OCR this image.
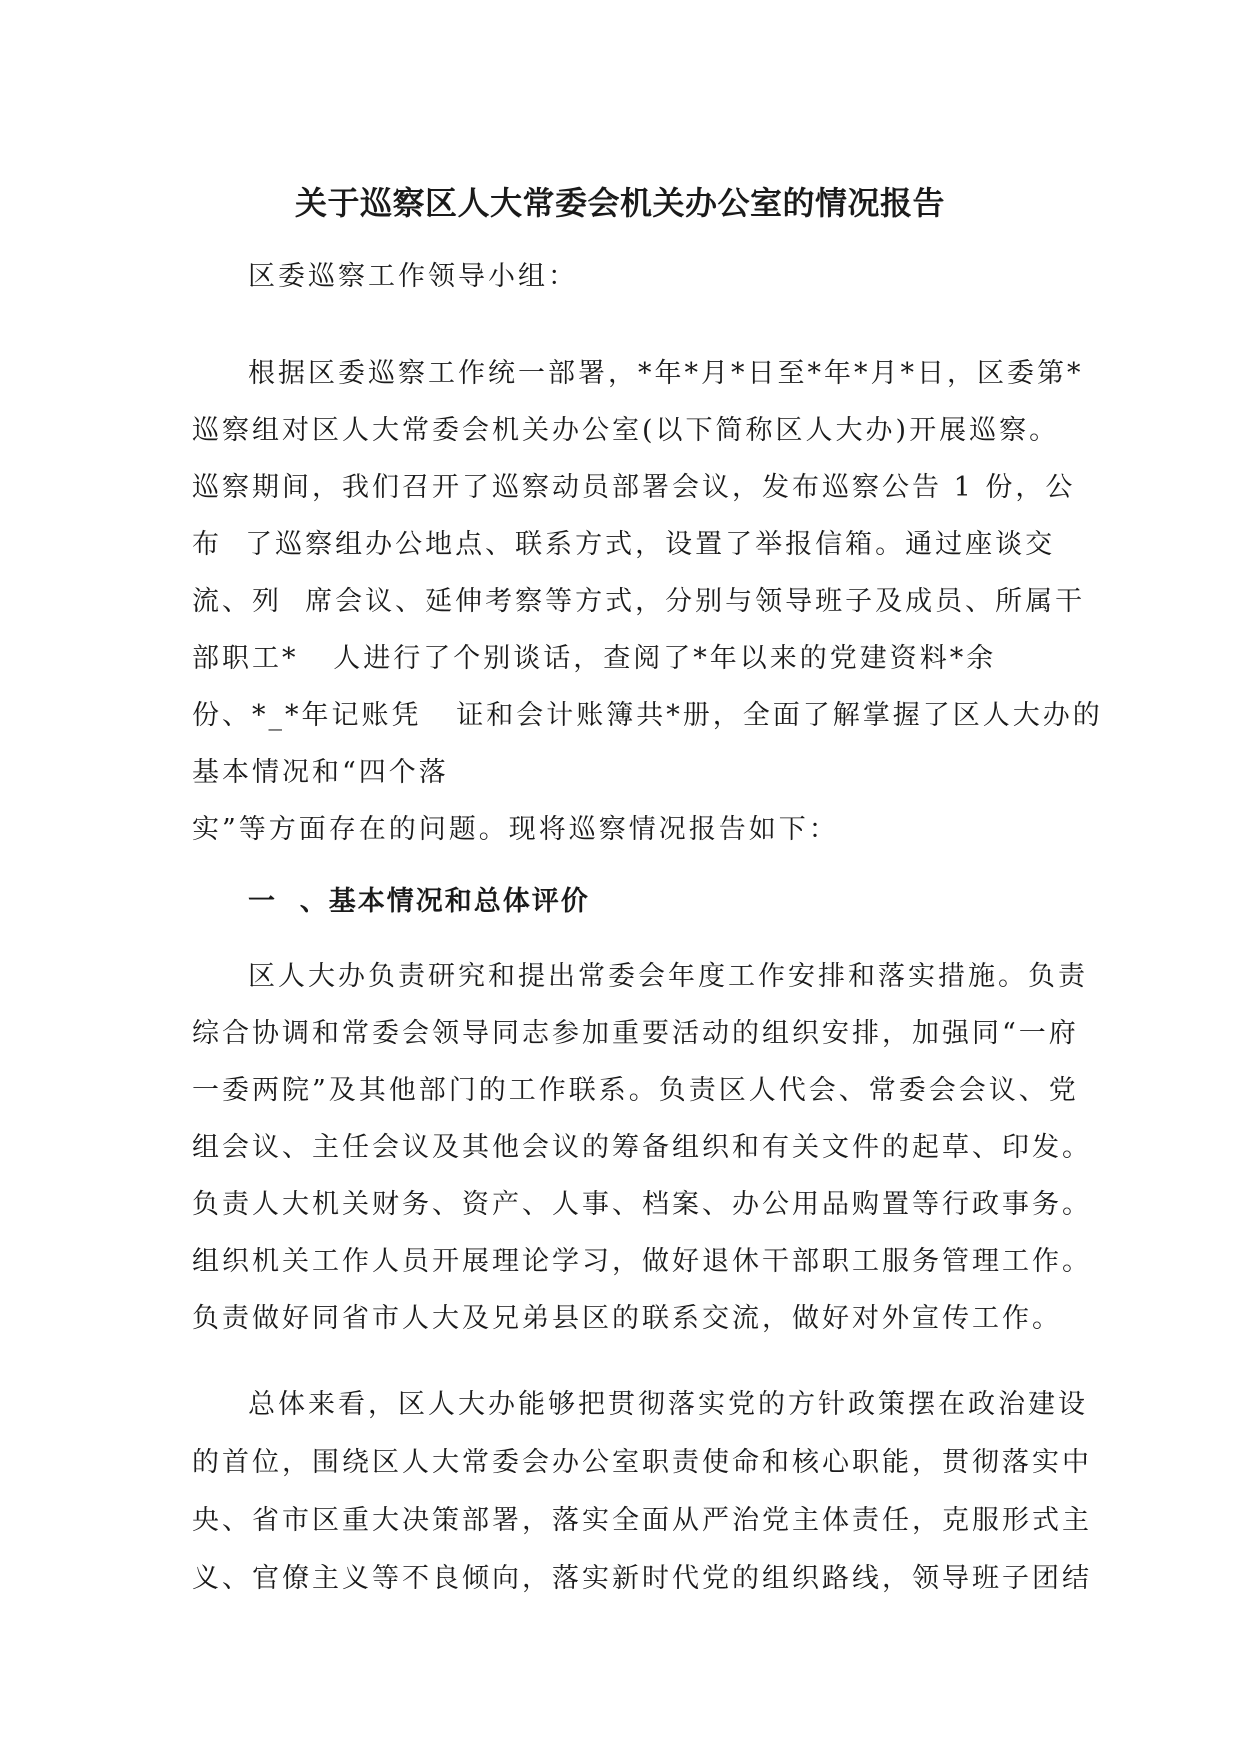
关于巡察区人大常委会机关办公室的情况报告

区委巡察工作领导小组：

根据区委巡察工作统一部署，*年*月*日至*年*月*日，区委第*

巡察组对区人大常委会机关办公室(以下简称区人大办)开展巡察。

巡察期间，我们召开了巡察动员部署会议，发布巡察公告 1 份，公

布  了巡察组办公地点、联系方式，设置了举报信箱。通过座谈交

流、列  席会议、延伸考察等方式，分别与领导班子及成员、所属干

部职工*   人进行了个别谈话，查阅了*年以来的党建资料*余

份、*_*年记账凭   证和会计账簿共*册，全面了解掌握了区人大办的

基本情况和“四个落

实”等方面存在的问题。现将巡察情况报告如下：

一  、基本情况和总体评价

区人大办负责研究和提出常委会年度工作安排和落实措施。负责

综合协调和常委会领导同志参加重要活动的组织安排，加强同“一府

一委两院”及其他部门的工作联系。负责区人代会、常委会会议、党

组会议、主任会议及其他会议的筹备组织和有关文件的起草、印发。

负责人大机关财务、资产、人事、档案、办公用品购置等行政事务。

组织机关工作人员开展理论学习，做好退休干部职工服务管理工作。

负责做好同省市人大及兄弟县区的联系交流，做好对外宣传工作。

总体来看，区人大办能够把贯彻落实党的方针政策摆在政治建设

的首位，围绕区人大常委会办公室职责使命和核心职能，贯彻落实中

央、省市区重大决策部署，落实全面从严治党主体责任，克服形式主

义、官僚主义等不良倾向，落实新时代党的组织路线，领导班子团结
